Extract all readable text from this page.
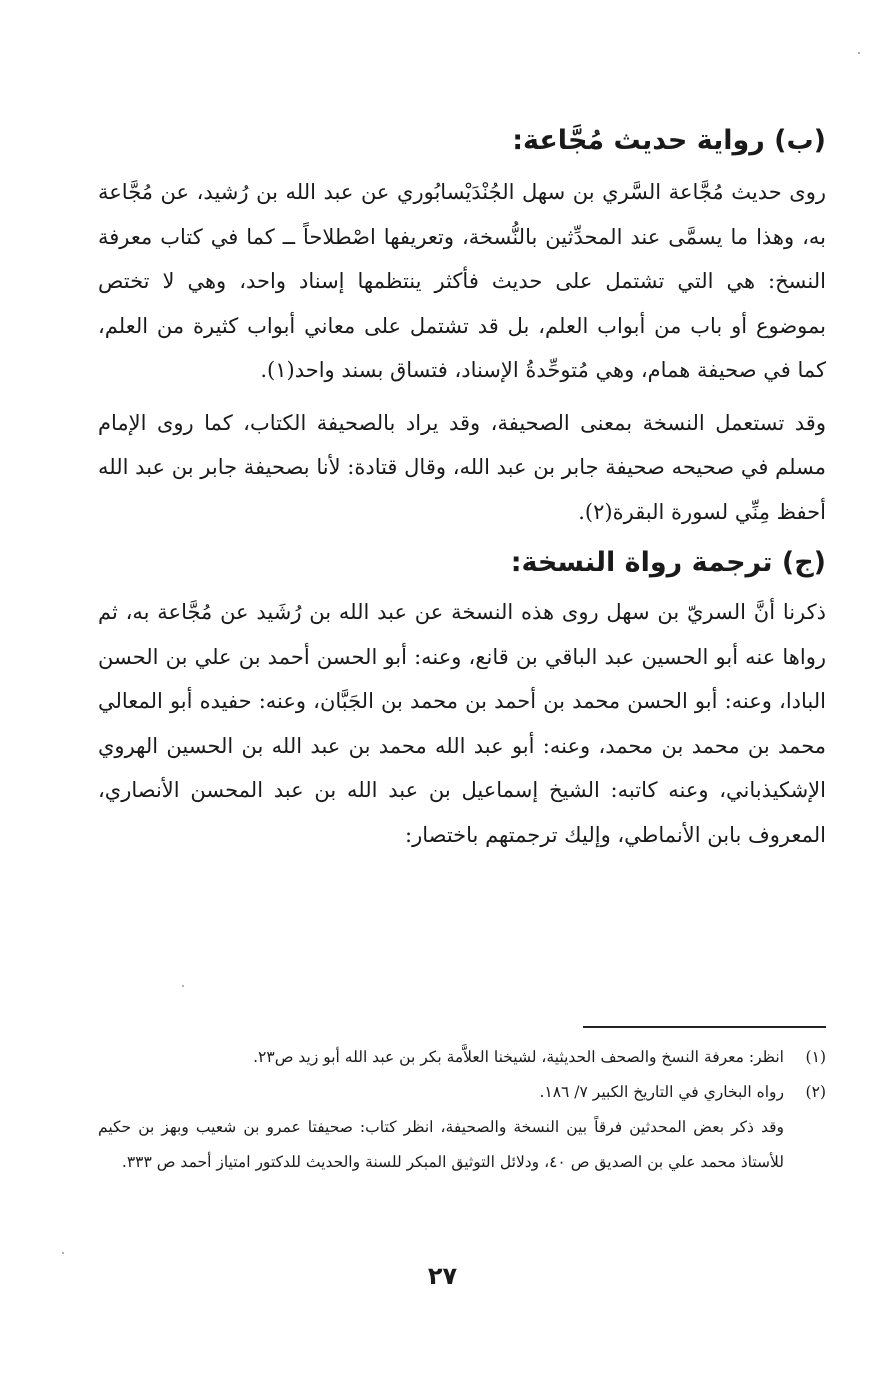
(ب) رواية حديث مُجَّاعة:

روى حديث مُجَّاعة السَّري بن سهل الجُنْدَيْسابُوري عن عبد الله بن رُشيد، عن مُجَّاعة به، وهذا ما يسمَّى عند المحدِّثين بالنُّسخة، وتعريفها اصْطلاحاً ــ كما في كتاب معرفة النسخ: هي التي تشتمل على حديث فأكثر ينتظمها إسناد واحد، وهي لا تختص بموضوع أو باب من أبواب العلم، بل قد تشتمل على معاني أبواب كثيرة من العلم، كما في صحيفة همام، وهي مُتوحِّدةُ الإسناد، فتساق بسند واحد(١).

وقد تستعمل النسخة بمعنى الصحيفة، وقد يراد بالصحيفة الكتاب، كما روى الإمام مسلم في صحيحه صحيفة جابر بن عبد الله، وقال قتادة: لأنا بصحيفة جابر بن عبد الله أحفظ مِنِّي لسورة البقرة(٢).

(ج) ترجمة رواة النسخة:

ذكرنا أنَّ السريّ بن سهل روى هذه النسخة عن عبد الله بن رُشَيد عن مُجَّاعة به، ثم رواها عنه أبو الحسين عبد الباقي بن قانع، وعنه: أبو الحسن أحمد بن علي بن الحسن البادا، وعنه: أبو الحسن محمد بن أحمد بن محمد بن الجَبَّان، وعنه: حفيده أبو المعالي محمد بن محمد بن محمد، وعنه: أبو عبد الله محمد بن عبد الله بن الحسين الهروي الإشكيذباني، وعنه كاتبه: الشيخ إسماعيل بن عبد الله بن عبد المحسن الأنصاري، المعروف بابن الأنماطي، وإليك ترجمتهم باختصار:

(١)انظر: معرفة النسخ والصحف الحديثية، لشيخنا العلاَّمة بكر بن عبد الله أبو زيد ص٢٣.

(٢)رواه البخاري في التاريخ الكبير ٧/ ١٨٦.

وقد ذكر بعض المحدثين فرقاً بين النسخة والصحيفة، انظر كتاب: صحيفتا عمرو بن شعيب وبهز بن حكيم للأستاذ محمد علي بن الصديق ص ٤٠، ودلائل التوثيق المبكر للسنة والحديث للدكتور امتياز أحمد ص ٣٣٣.

٢٧
